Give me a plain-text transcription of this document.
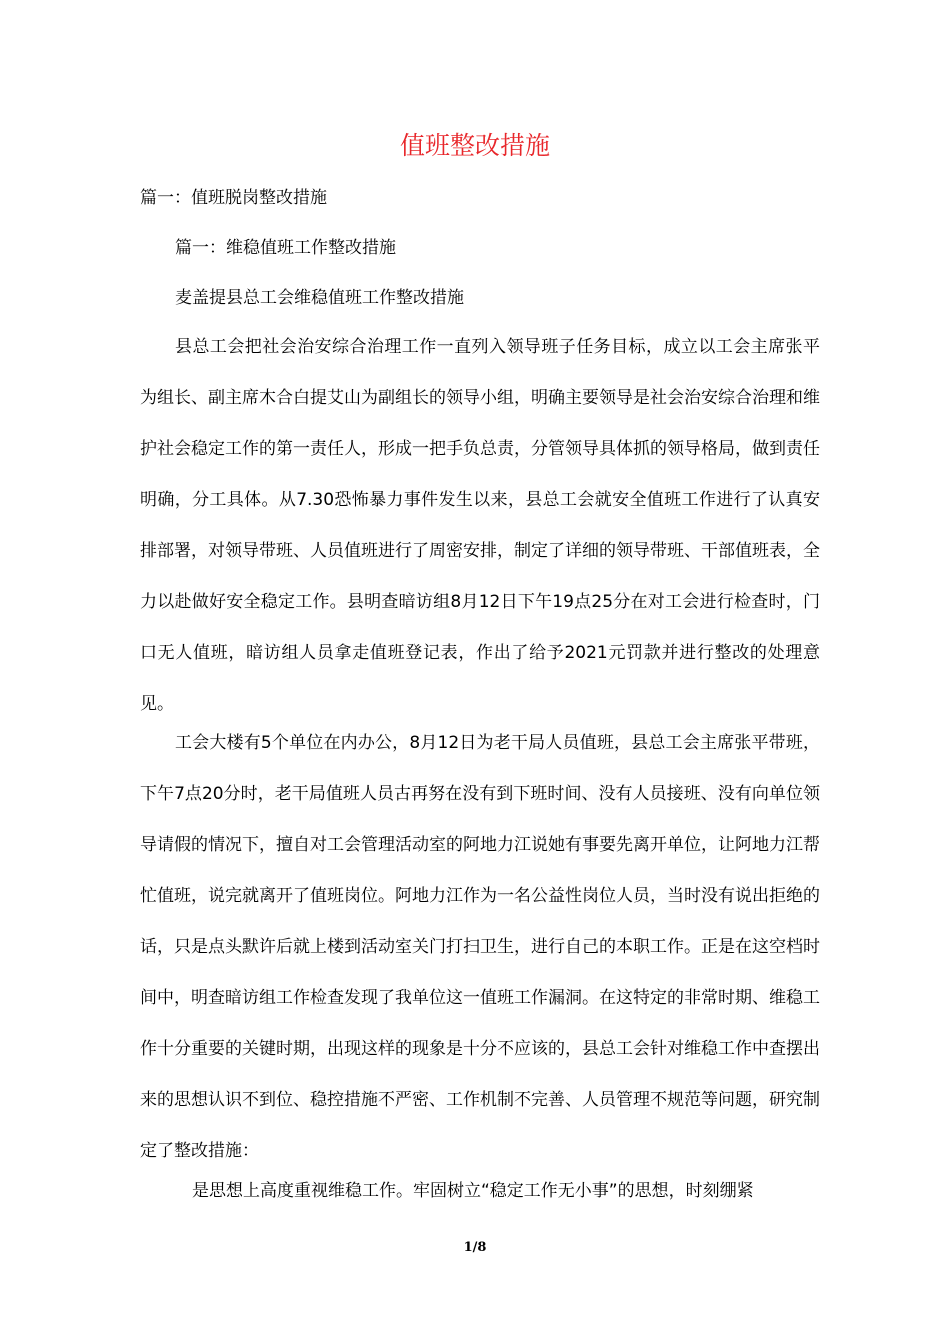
值班整改措施
篇一：值班脱岗整改措施
篇一：维稳值班工作整改措施
麦盖提县总工会维稳值班工作整改措施

县总工会把社会治安综合治理工作一直列入领导班子任务目标，成立以工会主席张平为组长、副主席木合白提艾山为副组长的领导小组，明确主要领导是社会治安综合治理和维护社会稳定工作的第一责任人，形成一把手负总责，分管领导具体抓的领导格局，做到责任明确，分工具体。从7.30恐怖暴力事件发生以来，县总工会就安全值班工作进行了认真安排部署，对领导带班、人员值班进行了周密安排，制定了详细的领导带班、干部值班表，全力以赴做好安全稳定工作。县明查暗访组8月12日下午19点25分在对工会进行检查时，门口无人值班，暗访组人员拿走值班登记表，作出了给予2021元罚款并进行整改的处理意见。

工会大楼有5个单位在内办公，8月12日为老干局人员值班，县总工会主席张平带班，下午7点20分时，老干局值班人员古再努在没有到下班时间、没有人员接班、没有向单位领导请假的情况下，擅自对工会管理活动室的阿地力江说她有事要先离开单位，让阿地力江帮忙值班，说完就离开了值班岗位。阿地力江作为一名公益性岗位人员，当时没有说出拒绝的话，只是点头默许后就上楼到活动室关门打扫卫生，进行自己的本职工作。正是在这空档时间中，明查暗访组工作检查发现了我单位这一值班工作漏洞。在这特定的非常时期、维稳工作十分重要的关键时期，出现这样的现象是十分不应该的，县总工会针对维稳工作中查摆出来的思想认识不到位、稳控措施不严密、工作机制不完善、人员管理不规范等问题，研究制定了整改措施：

是思想上高度重视维稳工作。牢固树立“稳定工作无小事”的思想，时刻绷紧

1/8
